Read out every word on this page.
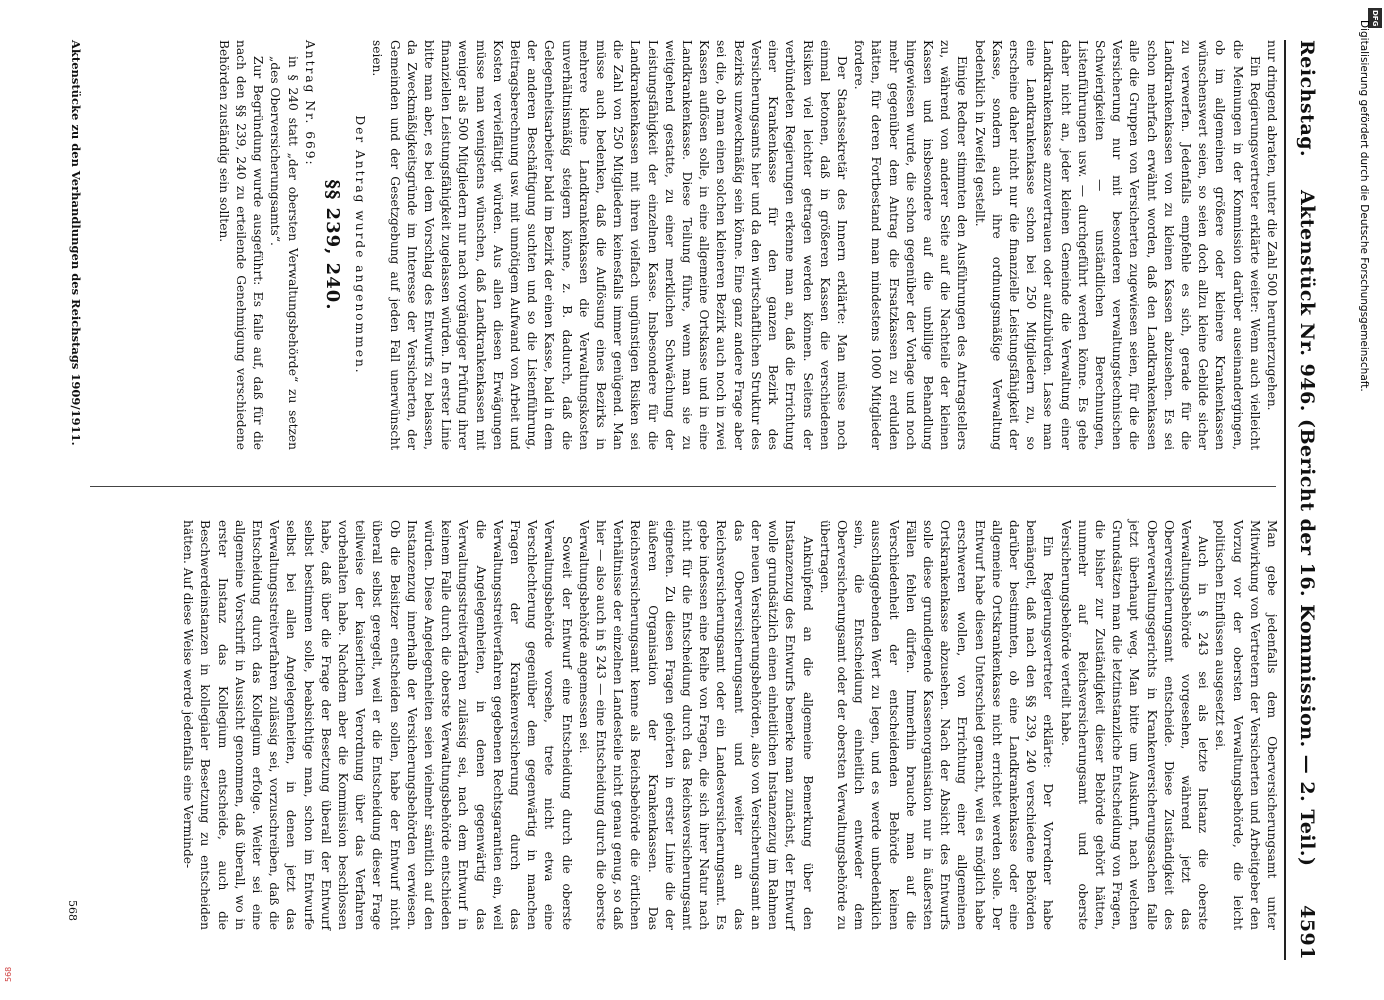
Reichstag.
Aktenstück Nr. 946. (Bericht der 16. Kommission. — 2. Teil.)
4591

nur dringend abraten, unter die Zahl 500 herunterzugehen.

Ein Regierungsvertreter erklärte weiter: Wenn auch vielleicht die Meinungen in der Kommission darüber auseinandergingen, ob im allgemeinen größere oder kleinere Krankenkassen wünschenswert seien, so seien doch allzu kleine Gebilde sicher zu verwerfen. Jedenfalls empfehle es sich, gerade für die Landkrankenkassen von zu kleinen Kassen abzusehen. Es sei schon mehrfach erwähnt worden, daß den Landkrankenkassen alle die Gruppen von Versicherten zugewiesen seien, für die die Versicherung nur mit besonderen verwaltungstechnischen Schwierigkeiten — unständlichen Berechnungen, Listenführungen usw. — durchgeführt werden könne. Es gehe daher nicht an, jeder kleinen Gemeinde die Verwaltung einer Landkrankenkasse anzuvertrauen oder aufzubürden. Lasse man eine Landkrankenkasse schon bei 250 Mitgliedern zu, so erscheine daher nicht nur die finanzielle Leistungsfähigkeit der Kasse, sondern auch ihre ordnungsmäßige Verwaltung bedenklich in Zweifel gestellt.

Einige Redner stimmten den Ausführungen des Antragstellers zu, während von anderer Seite auf die Nachteile der kleinen Kassen und insbesondere auf die unbillige Behandlung hingewiesen wurde, die schon gegenüber der Vorlage und noch mehr gegenüber dem Antrag die Ersatzkassen zu erdulden hätten, für deren Fortbestand man mindestens 1000 Mitglieder fordere.

Der Staatssekretär des Innern erklärte: Man müsse noch einmal betonen, daß in größeren Kassen die verschiedenen Risiken viel leichter getragen werden können. Seitens der verbündeten Regierungen erkenne man an, daß die Errichtung einer Krankenkasse für den ganzen Bezirk des Versicherungsamts hier und da den wirtschaftlichen Struktur des Bezirks unzweckmäßig sein könne. Eine ganz andere Frage aber sei die, ob man einen solchen kleineren Bezirk auch noch in zwei Kassen auflösen solle, in eine allgemeine Ortskasse und in eine Landkrankenkasse. Diese Teilung führe, wenn man sie zu weitgehend gestatte, zu einer merklichen Schwächung der Leistungsfähigkeit der einzelnen Kasse. Insbesondere für die Landkrankenkassen mit ihren vielfach ungünstigen Risiken sei die Zahl von 250 Mitgliedern keinesfalls immer genügend. Man müsse auch bedenken, daß die Auflösung eines Bezirks in mehrere kleine Landkrankenkassen die Verwaltungskosten unverhältnismäßig steigern könne, z. B. dadurch, daß die Gelegenheitsarbeiter bald im Bezirk der einen Kasse, bald in dem der anderen Beschäftigung suchten und so die Listenführung, Beitragsberechnung usw. mit unnötigem Aufwand von Arbeit und Kosten vervielfältigt würden. Aus allen diesen Erwägungen müsse man wenigstens wünschen, daß Landkrankenkassen mit weniger als 500 Mitgliedern nur nach vorgängiger Prüfung ihrer finanziellen Leistungsfähigkeit zugelassen würden. In erster Linie bitte man aber, es bei dem Vorschlag des Entwurfs zu belassen, da Zweckmäßigkeitsgründe im Interesse der Versicherten, der Gemeinden und der Gesetzgebung auf jeden Fall unerwünscht seien.

Der Antrag wurde angenommen.

§§ 239, 240.

Antrag Nr. 669:

in § 240 statt „der obersten Verwaltungsbehörde“ zu setzen „des Oberversicherungsamts“.

Zur Begründung wurde ausgeführt: Es falle auf, daß für die nach den §§ 239, 240 zu erteilende Genehmigung verschiedene Behörden zuständig sein sollten.

Man gebe jedenfalls dem Oberversicherungsamt unter Mitwirkung von Vertretern der Versicherten und Arbeitgeber den Vorzug vor der obersten Verwaltungsbehörde, die leicht politischen Einflüssen ausgesetzt sei.

Auch in § 243 sei als letzte Instanz die oberste Verwaltungsbehörde vorgesehen, während jetzt das Oberversicherungsamt entscheide. Diese Zuständigkeit des Oberverwaltungsgerichts in Krankenversicherungssachen falle jetzt überhaupt weg. Man bitte um Auskunft, nach welchen Grundsätzen man die letztinstanzliche Entscheidung von Fragen, die bisher zur Zuständigkeit dieser Behörde gehört hätten, nunmehr auf Reichsversicherungsamt und oberste Versicherungsbehörde verteilt habe.

Ein Regierungsvertreter erklärte: Der Vorredner habe bemängelt, daß nach den §§ 239, 240 verschiedene Behörden darüber bestimmten, ob eine Landkrankenkasse oder eine allgemeine Ortskrankenkasse nicht errichtet werden solle. Der Entwurf habe diesen Unterschied gemacht, weil es möglich habe erschweren wollen, von Errichtung einer allgemeinen Ortskrankenkasse abzusehen. Nach der Absicht des Entwurfs solle diese grundlegende Kassenorganisation nur in äußersten Fällen fehlen dürfen. Immerhin brauche man auf die Verschiedenheit der entscheidenden Behörde keinen ausschlaggebenden Wert zu legen, und es werde unbedenklich sein, die Entscheidung einheitlich entweder dem Oberversicherungsamt oder der obersten Verwaltungsbehörde zu übertragen.

Anknüpfend an die allgemeine Bemerkung über den Instanzenzug des Entwurfs bemerke man zunächst, der Entwurf wolle grundsätzlich einen einheitlichen Instanzenzug im Rahmen der neuen Versicherungsbehörden, also von Versicherungsamt an das Oberversicherungsamt und weiter an das Reichsversicherungsamt oder ein Landesversicherungsamt. Es gebe indessen eine Reihe von Fragen, die sich ihrer Natur nach nicht für die Entscheidung durch das Reichsversicherungsamt eigneten. Zu diesen Fragen gehörten in erster Linie die der äußeren Organisation der Krankenkassen. Das Reichsversicherungsamt kenne als Reichsbehörde die örtlichen Verhältnisse der einzelnen Landesteile nicht genau genug, so daß hier — also auch in § 243 — eine Entscheidung durch die oberste Verwaltungsbehörde angemessen sei.

Soweit der Entwurf eine Entscheidung durch die oberste Verwaltungsbehörde vorsehe, trete nicht etwa eine Verschlechterung gegenüber dem gegenwärtig in manchen Fragen der Krankenversicherung durch das Verwaltungsstreitverfahren gegebenen Rechtsgarantien ein, weil die Angelegenheiten, in denen gegenwärtig das Verwaltungsstreitverfahren zulässig sei, nach dem Entwurf in keinem Falle durch die oberste Verwaltungsbehörde entschieden würden. Diese Angelegenheiten seien vielmehr sämtlich auf den Instanzenzug innerhalb der Versicherungsbehörden verwiesen. Ob die Beisitzer entscheiden sollen, habe der Entwurf nicht überall selbst geregelt, weil er die Entscheidung dieser Frage teilweise der kaiserlichen Verordnung über das Verfahren vorbehalten habe. Nachdem aber die Kommission beschlossen habe, daß über die Frage der Besetzung überall der Entwurf selbst bestimmen solle, beabsichtige man, schon im Entwurfe selbst bei allen Angelegenheiten, in denen jetzt das Verwaltungsstreitverfahren zulässig sei, vorzuschreiben, daß die Entscheidung durch das Kollegium erfolge. Weiter sei eine allgemeine Vorschrift in Aussicht genommen, daß überall, wo in erster Instanz das Kollegium entscheide, auch die Beschwerdeinstanzen in kollegialer Besetzung zu entscheiden hätten. Auf diese Weise werde jedenfalls eine Verminde-

Aktenstücke zu den Verhandlungen des Reichstags 1909/1911.
568
DFG
Digitalisierung gefördert durch die Deutsche Forschungsgemeinschaft.
568
